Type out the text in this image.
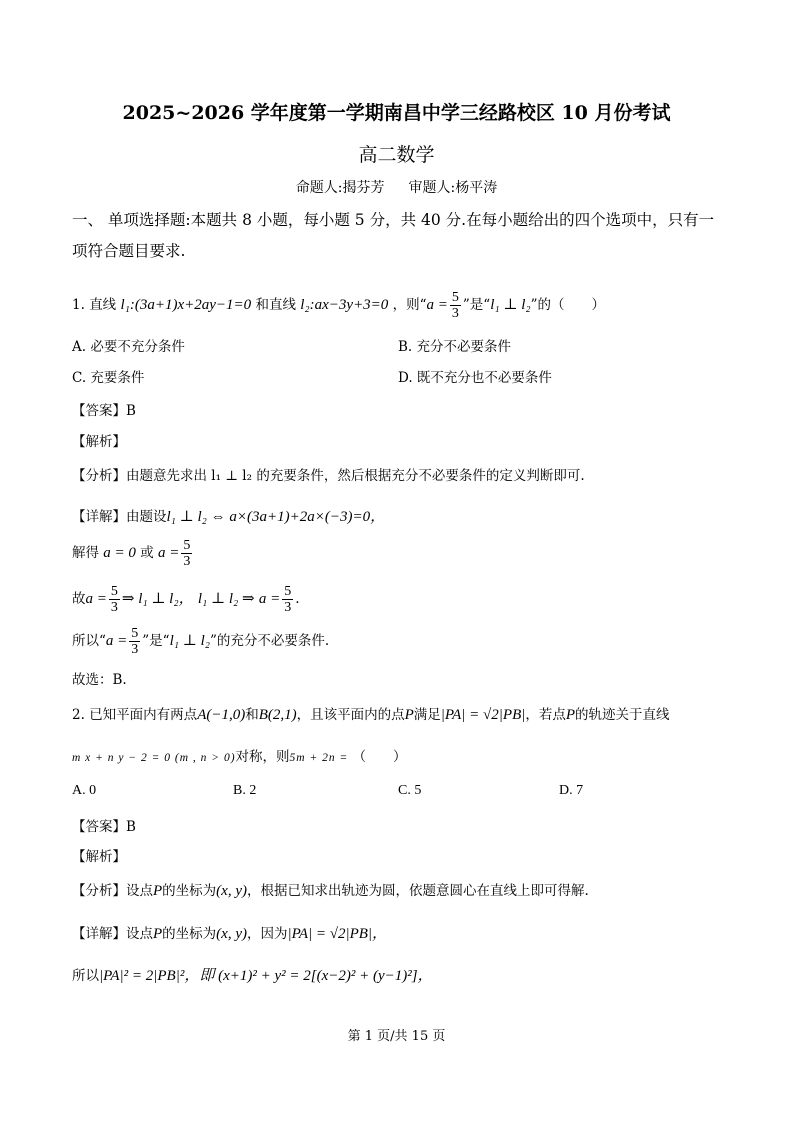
2025~2026 学年度第一学期南昌中学三经路校区 10 月份考试
高二数学
命题人:揭芬芳 审题人:杨平涛
一、 单项选择题:本题共 8 小题，每小题 5 分，共 40 分.在每小题给出的四个选项中，只有一
项符合题目要求.
1. 直线 l₁:(3a+1)x+2ay−1=0 和直线 l₂:ax−3y+3=0 ，则“$a = \frac{5}{3}$ ”是“l₁ ⊥ l₂”的（　　）
A. 必要不充分条件	B. 充分不必要条件
C. 充要条件	D. 既不充分也不必要条件
【答案】B
【解析】
【分析】由题意先求出 l₁ ⊥ l₂ 的充要条件，然后根据充分不必要条件的定义判断即可.
【详解】由题设l₁ ⊥ l₂ ⇔ a×(3a+1)+2a×(−3)=0，
解得 a = 0 或 $a = \frac{5}{3}$
故$a = \frac{5}{3}$ ⇒ l₁ ⊥ l₂， l₁ ⊥ l₂ ⇒ $a = \frac{5}{3}$ .
所以“$a = \frac{5}{3}$ ”是“l₁ ⊥ l₂”的充分不必要条件.
故选：B.
2. 已知平面内有两点A(−1,0)和B(2,1)，且该平面内的点P满足|PA| = √2|PB|，若点P的轨迹关于直线
m x + n y − 2 = 0 (m , n > 0)对称，则5m + 2n = （　　）
A. 0	B. 2	C. 5	D. 7
【答案】B
【解析】
【分析】设点P的坐标为(x, y)，根据已知求出轨迹为圆，依题意圆心在直线上即可得解.
【详解】设点P的坐标为(x, y)，因为|PA| = √2|PB|，
所以|PA|² = 2|PB|²，即 (x+1)² + y² = 2[(x−2)² + (y−1)²]，
第 1 页/共 15 页
